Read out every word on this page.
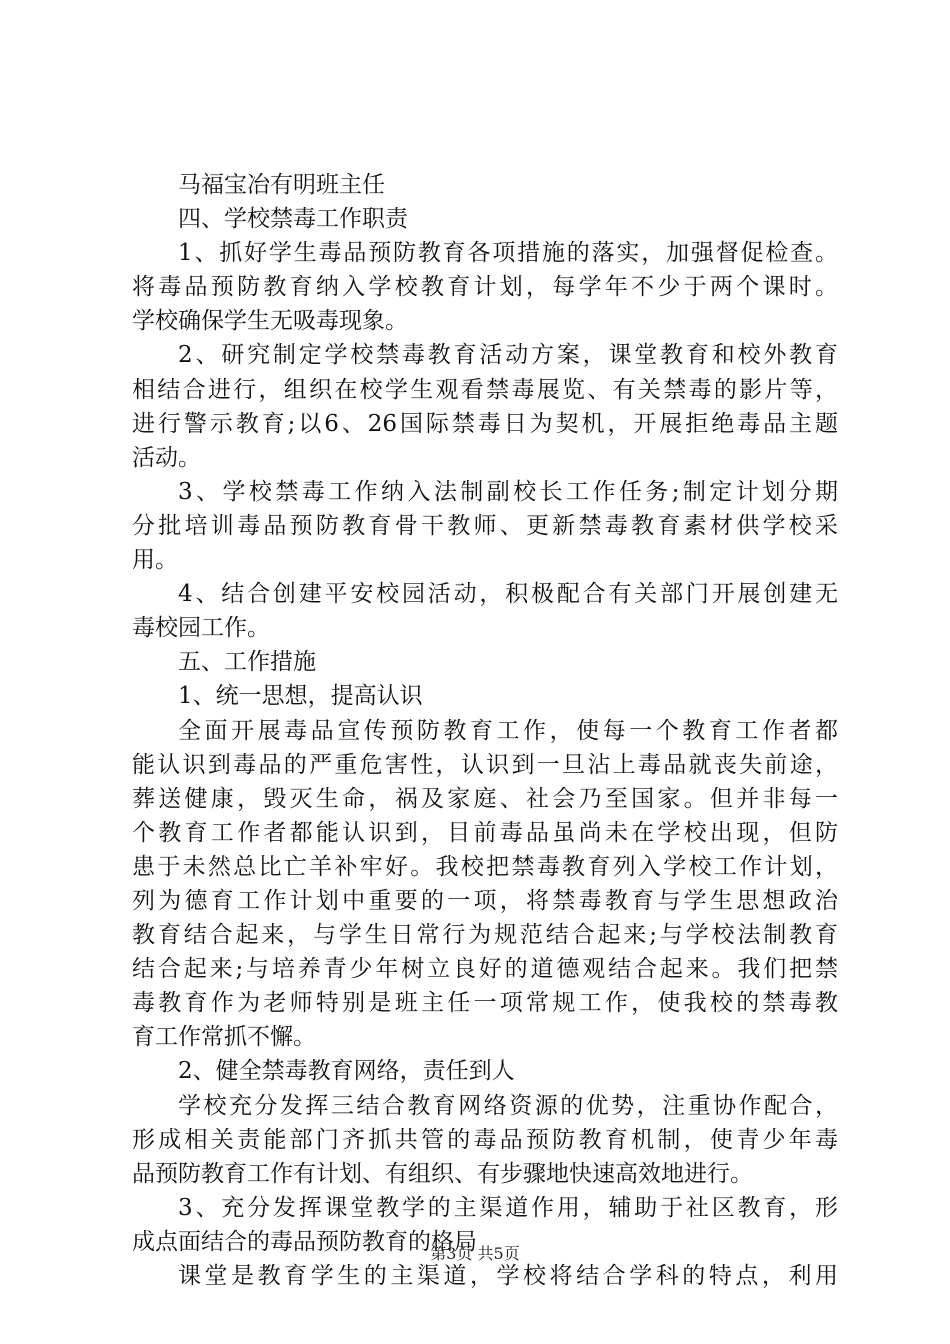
马福宝冶有明班主任
四、学校禁毒工作职责
1、抓好学生毒品预防教育各项措施的落实，加强督促检查。
将毒品预防教育纳入学校教育计划，每学年不少于两个课时。
学校确保学生无吸毒现象。
2、研究制定学校禁毒教育活动方案，课堂教育和校外教育
相结合进行，组织在校学生观看禁毒展览、有关禁毒的影片等，
进行警示教育;以6、26国际禁毒日为契机，开展拒绝毒品主题
活动。
3、学校禁毒工作纳入法制副校长工作任务;制定计划分期
分批培训毒品预防教育骨干教师、更新禁毒教育素材供学校采
用。
4、结合创建平安校园活动，积极配合有关部门开展创建无
毒校园工作。
五、工作措施
1、统一思想，提高认识
全面开展毒品宣传预防教育工作，使每一个教育工作者都
能认识到毒品的严重危害性，认识到一旦沾上毒品就丧失前途，
葬送健康，毁灭生命，祸及家庭、社会乃至国家。但并非每一
个教育工作者都能认识到，目前毒品虽尚未在学校出现，但防
患于未然总比亡羊补牢好。我校把禁毒教育列入学校工作计划，
列为德育工作计划中重要的一项，将禁毒教育与学生思想政治
教育结合起来，与学生日常行为规范结合起来;与学校法制教育
结合起来;与培养青少年树立良好的道德观结合起来。我们把禁
毒教育作为老师特别是班主任一项常规工作，使我校的禁毒教
育工作常抓不懈。
2、健全禁毒教育网络，责任到人
学校充分发挥三结合教育网络资源的优势，注重协作配合，
形成相关责能部门齐抓共管的毒品预防教育机制，使青少年毒
品预防教育工作有计划、有组织、有步骤地快速高效地进行。
3、充分发挥课堂教学的主渠道作用，辅助于社区教育，形
成点面结合的毒品预防教育的格局
课堂是教育学生的主渠道，学校将结合学科的特点，利用
第3页 共5页
